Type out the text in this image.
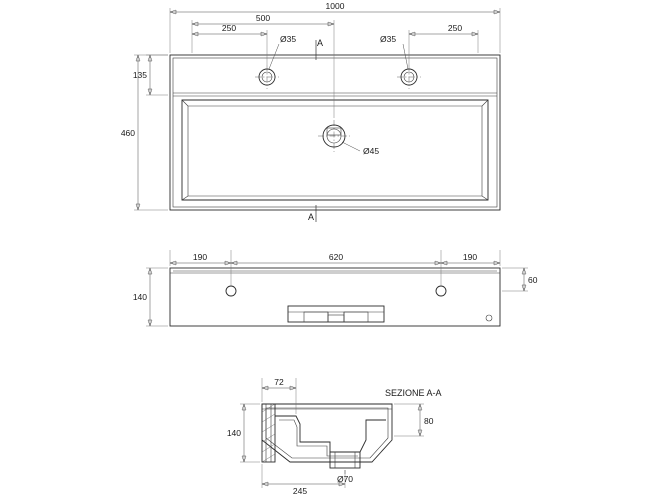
Ø45
1000
500
250	250
Ø35	Ø35
A
A
135
460
190	620	190
140
60
SEZIONE A-A
72
140
80
245
Ø70
